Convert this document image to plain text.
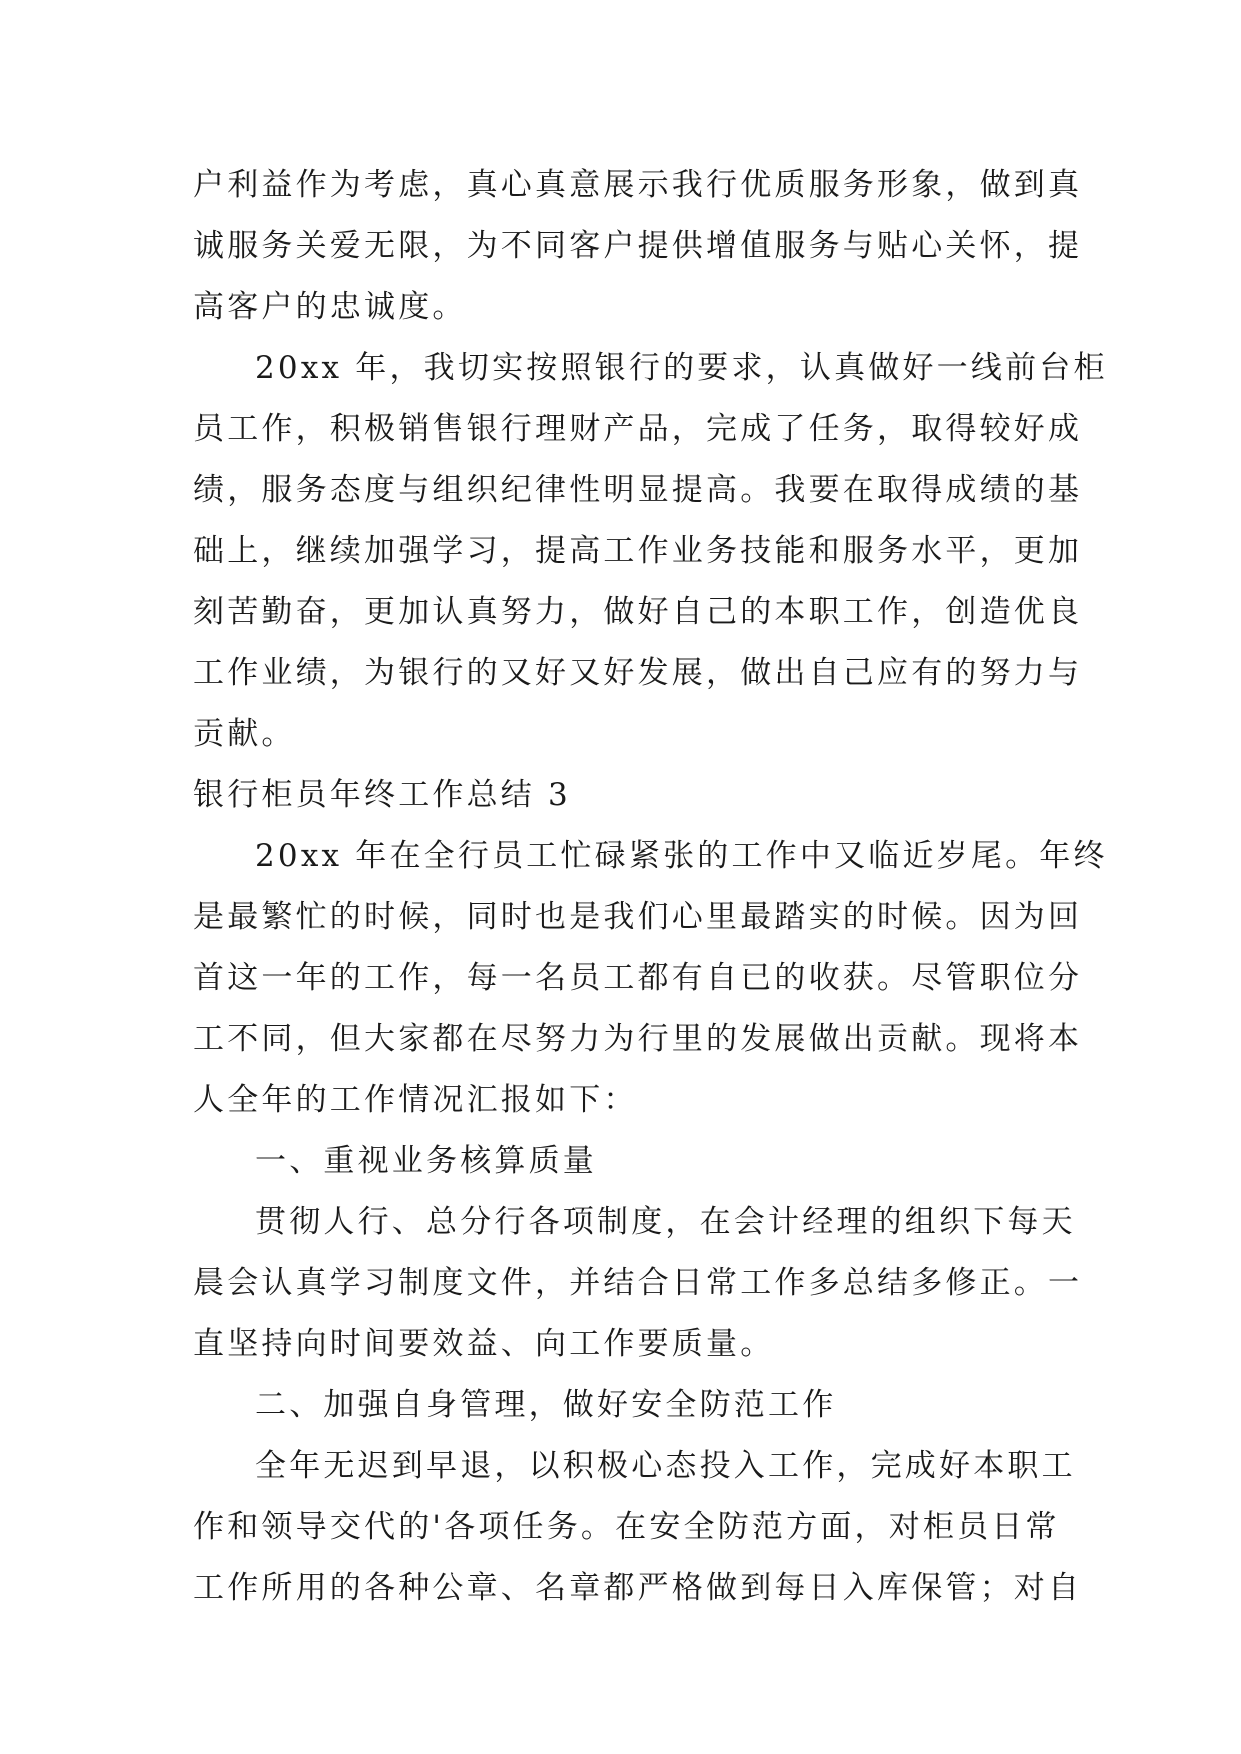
户利益作为考虑，真心真意展示我行优质服务形象，做到真
诚服务关爱无限，为不同客户提供增值服务与贴心关怀，提
高客户的忠诚度。
20xx 年，我切实按照银行的要求，认真做好一线前台柜
员工作，积极销售银行理财产品，完成了任务，取得较好成
绩，服务态度与组织纪律性明显提高。我要在取得成绩的基
础上，继续加强学习，提高工作业务技能和服务水平，更加
刻苦勤奋，更加认真努力，做好自己的本职工作，创造优良
工作业绩，为银行的又好又好发展，做出自己应有的努力与
贡献。
银行柜员年终工作总结 3
20xx 年在全行员工忙碌紧张的工作中又临近岁尾。年终
是最繁忙的时候，同时也是我们心里最踏实的时候。因为回
首这一年的工作，每一名员工都有自已的收获。尽管职位分
工不同，但大家都在尽努力为行里的发展做出贡献。现将本
人全年的工作情况汇报如下：
一、重视业务核算质量
贯彻人行、总分行各项制度，在会计经理的组织下每天
晨会认真学习制度文件，并结合日常工作多总结多修正。一
直坚持向时间要效益、向工作要质量。
二、加强自身管理，做好安全防范工作
全年无迟到早退，以积极心态投入工作，完成好本职工
作和领导交代的'各项任务。在安全防范方面，对柜员日常
工作所用的各种公章、名章都严格做到每日入库保管；对自
